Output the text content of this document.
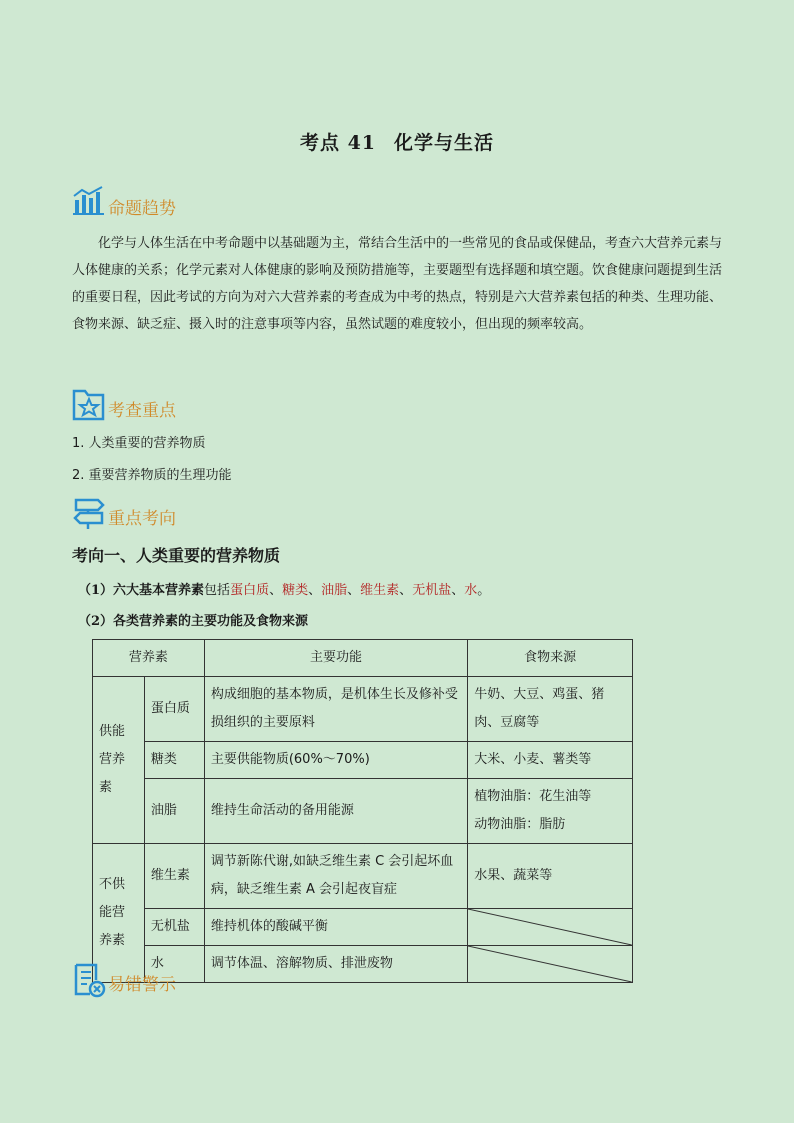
考点 41 化学与生活
命题趋势
化学与人体生活在中考命题中以基础题为主，常结合生活中的一些常见的食品或保健品，考查六大营养元素与人体健康的关系；化学元素对人体健康的影响及预防措施等，主要题型有选择题和填空题。饮食健康问题提到生活的重要日程，因此考试的方向为对六大营养素的考查成为中考的热点，特别是六大营养素包括的种类、生理功能、食物来源、缺乏症、摄入时的注意事项等内容，虽然试题的难度较小，但出现的频率较高。
考查重点
1. 人类重要的营养物质
2. 重要营养物质的生理功能
重点考向
考向一、人类重要的营养物质
（1）六大基本营养素包括蛋白质、糖类、油脂、维生素、无机盐、水。
（2）各类营养素的主要功能及食物来源
营养素		主要功能	食物来源

供能
营养
素	蛋白质	构成细胞的基本物质，是机体生长及修补受损组织的主要原料	牛奶、大豆、鸡蛋、猪肉、豆腐等
	糖类	主要供能物质(60%～70%)	大米、小麦、薯类等
	油脂	维持生命活动的备用能源	植物油脂：花生油等
动物油脂：脂肪

不供
能营
养素	维生素	调节新陈代谢,如缺乏维生素 C 会引起坏血病，缺乏维生素 A 会引起夜盲症	水果、蔬菜等
	无机盐	维持机体的酸碱平衡	

	水	调节体温、溶解物质、排泄废物	
易错警示
